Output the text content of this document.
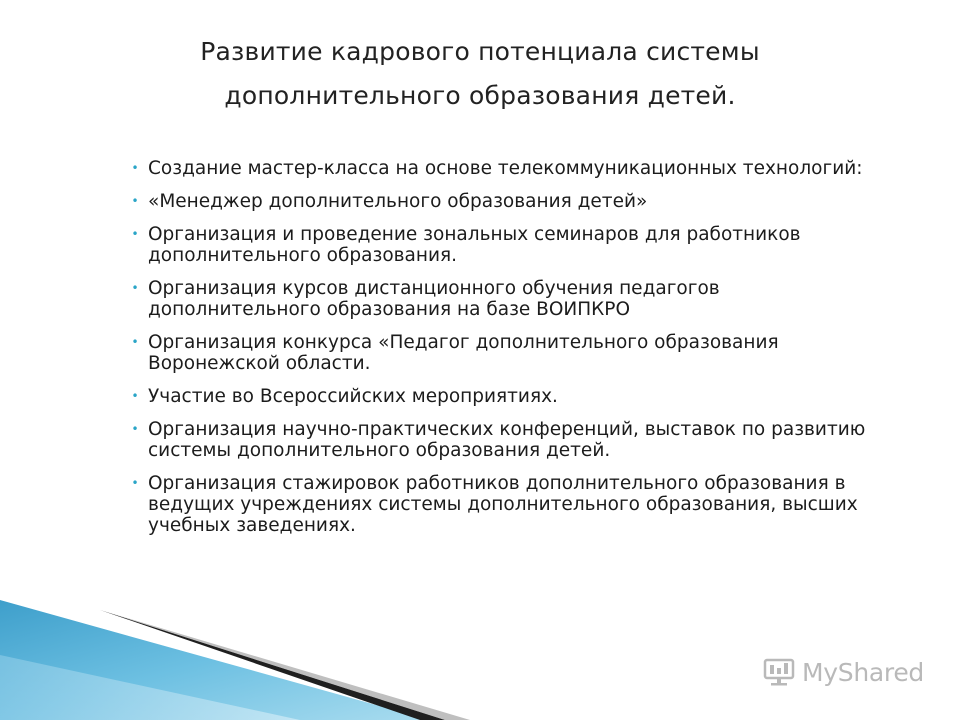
Развитие кадрового потенциала системы
дополнительного образования детей.
• Создание мастер-класса на основе телекоммуникационных технологий:
• «Менеджер дополнительного образования детей»
• Организация и проведение зональных семинаров для работников дополнительного образования.
• Организация курсов дистанционного обучения педагогов дополнительного образования на базе ВОИПКРО
• Организация конкурса «Педагог дополнительного образования Воронежской области.
• Участие во Всероссийских мероприятиях.
• Организация научно-практических конференций, выставок по развитию системы дополнительного образования детей.
• Организация стажировок работников дополнительного образования в ведущих учреждениях системы дополнительного образования, высших учебных заведениях.
MyShared
